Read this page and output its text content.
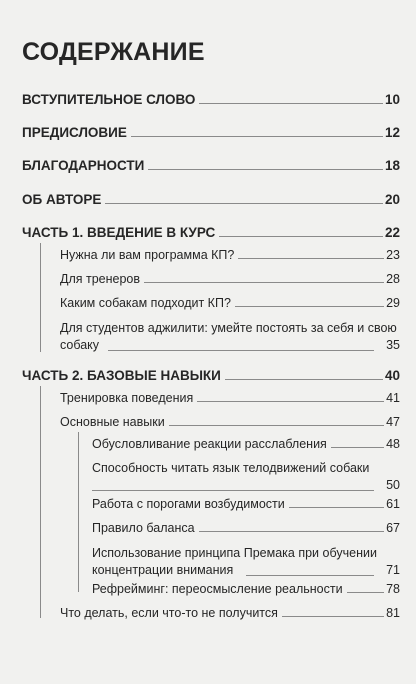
СОДЕРЖАНИЕ
ВСТУПИТЕЛЬНОЕ СЛОВО	10
ПРЕДИСЛОВИЕ	12
БЛАГОДАРНОСТИ	18
ОБ АВТОРЕ	20
ЧАСТЬ 1. ВВЕДЕНИЕ В КУРС	22
Нужна ли вам программа КП?	23
Для тренеров	28
Каким собакам подходит КП?	29
Для студентов аджилити: умейте постоять за себя и свою
собаку	35
ЧАСТЬ 2. БАЗОВЫЕ НАВЫКИ	40
Тренировка поведения	41
Основные навыки	47
Обусловливание реакции расслабления	48
Способность читать язык телодвижений собаки
50
Работа с порогами возбудимости	61
Правило баланса	67
Использование принципа Премака при обучении
концентрации внимания	71
Рефрейминг: переосмысление реальности	78
Что делать, если что-то не получится	81
